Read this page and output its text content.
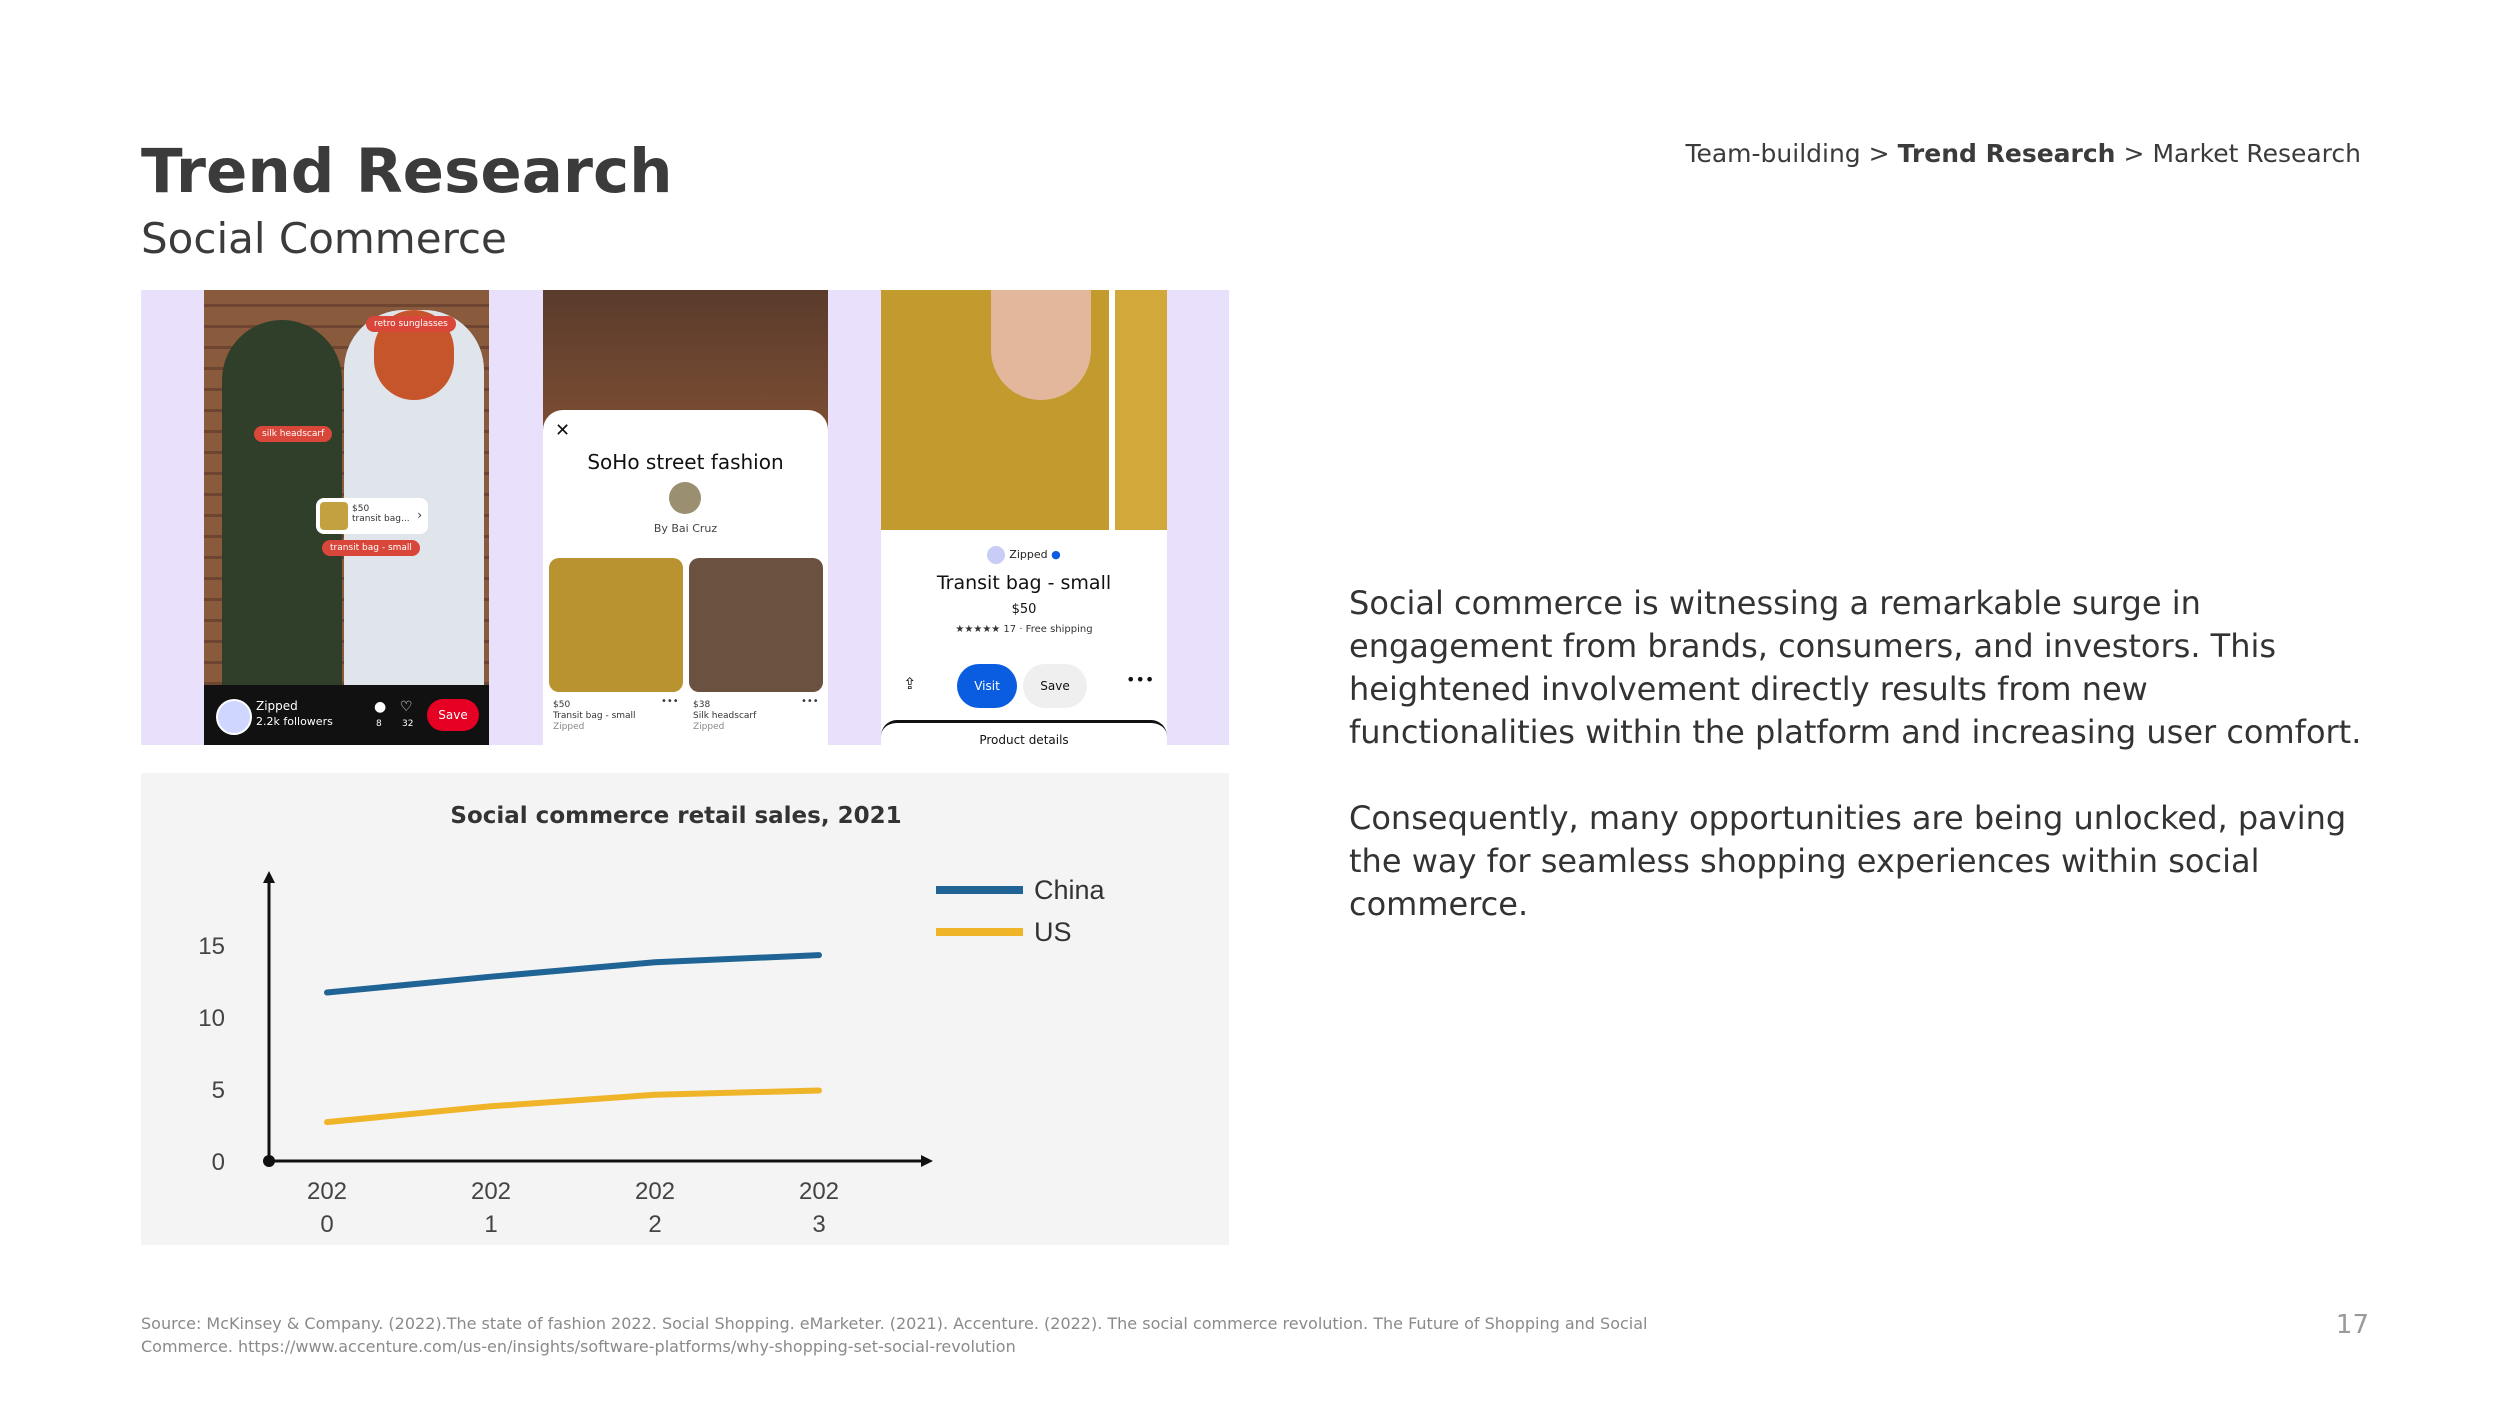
Trend Research
Social Commerce
Team-building > Trend Research > Market Research
retro sunglasses
silk headscarf
transit bag - small
$50
transit bag... ›
Zipped
2.2k followers
●
8
♡
32
Save
✕
SoHo street fashion
By Bai Cruz
$50
Transit bag - small
Zipped
••• $38
Silk headscarf
Zipped
•••
Zipped ●
Transit bag - small
$50
★★★★★ 17 · Free shipping
⇪	Visit	Save	•••
Product details
Social commerce retail sales, 2021
0
5
10
15
202
0
202
1
202
2
202
3
China
US

Social commerce is witnessing a remarkable surge in engagement from brands, consumers, and investors. This heightened involvement directly results from new functionalities within the platform and increasing user comfort.

Consequently, many opportunities are being unlocked, paving the way for seamless shopping experiences within social commerce.

Source: McKinsey & Company. (2022).The state of fashion 2022. Social Shopping. eMarketer. (2021). Accenture. (2022). The social commerce revolution. The Future of Shopping and Social Commerce. https://www.accenture.com/us-en/insights/software-platforms/why-shopping-set-social-revolution
17
